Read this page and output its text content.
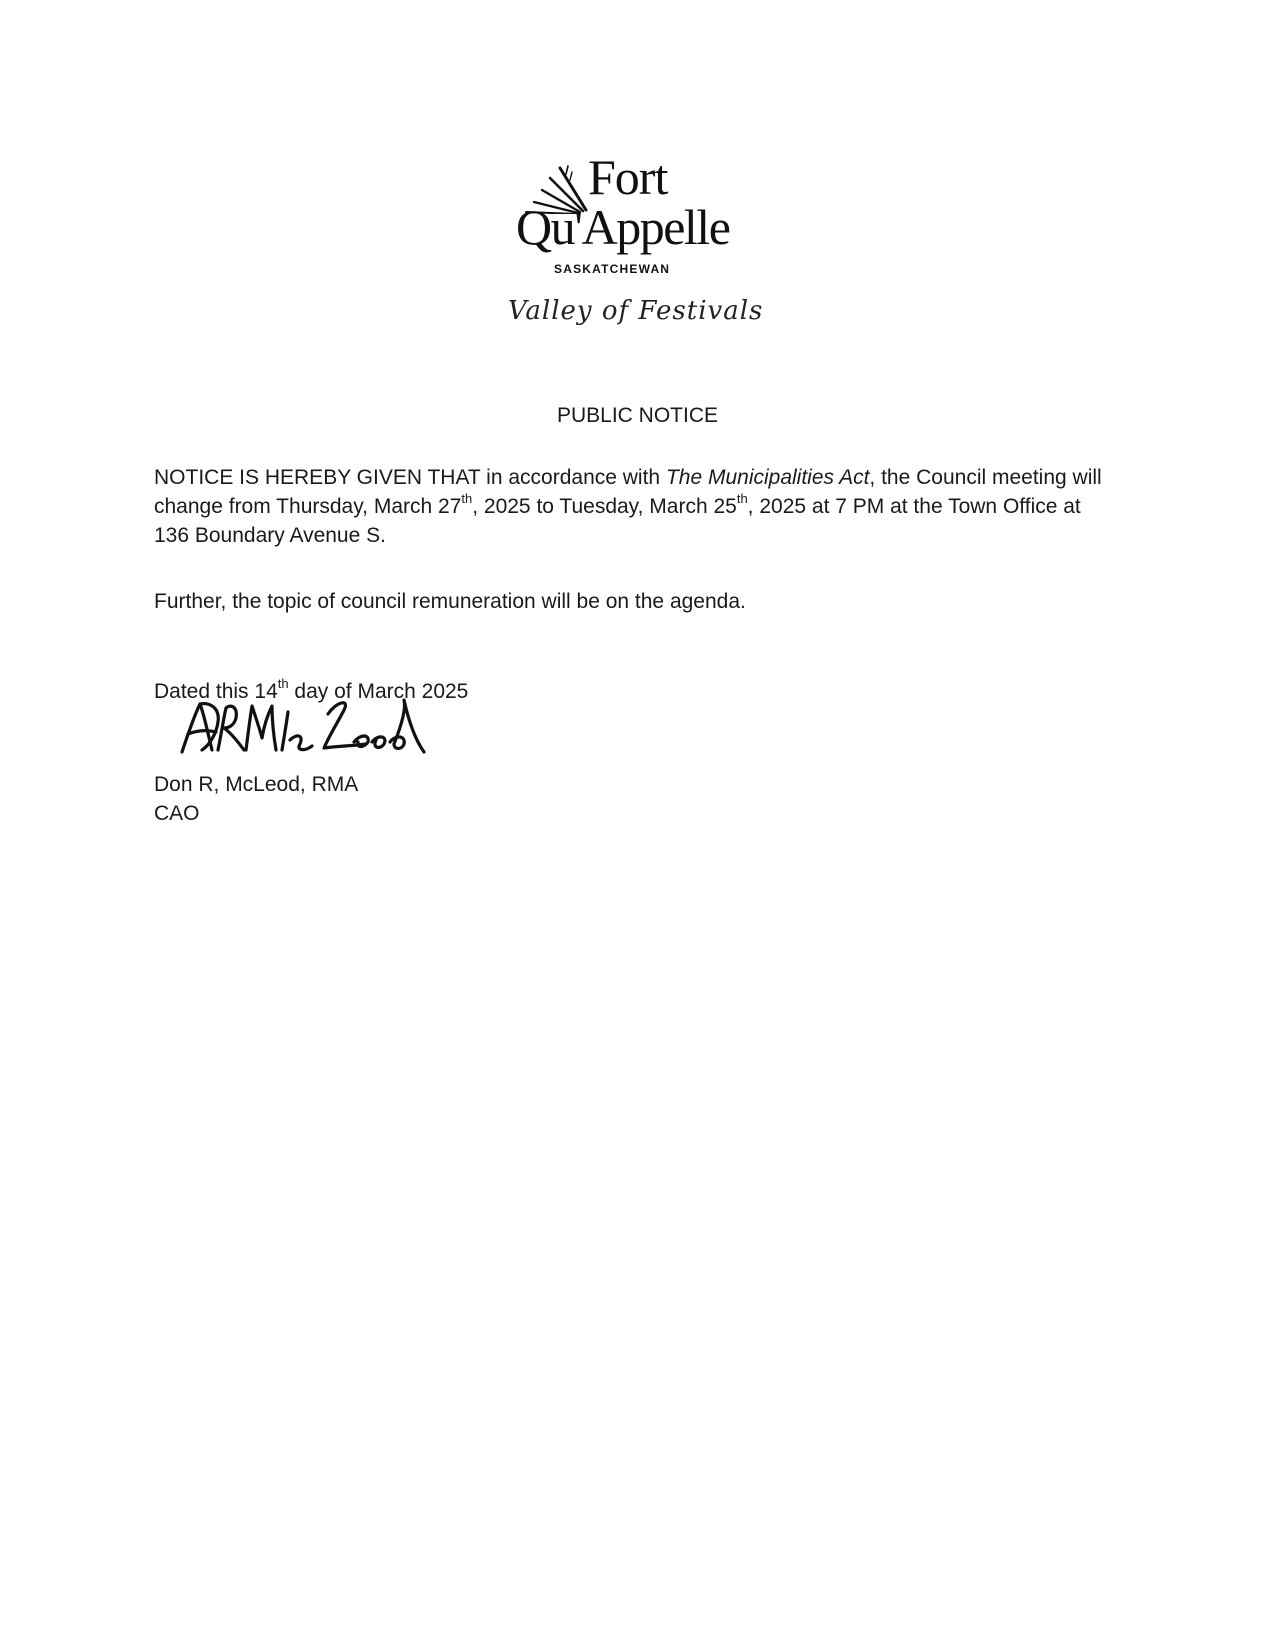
Fort
Qu'Appelle
SASKATCHEWAN
Valley of Festivals
PUBLIC NOTICE
NOTICE IS HEREBY GIVEN THAT in accordance with The Municipalities Act, the Council meeting will change from Thursday, March 27th, 2025 to Tuesday, March 25th, 2025 at 7 PM at the Town Office at 136 Boundary Avenue S.
Further, the topic of council remuneration will be on the agenda.
Dated this 14th day of March 2025
Don R, McLeod, RMA
CAO
